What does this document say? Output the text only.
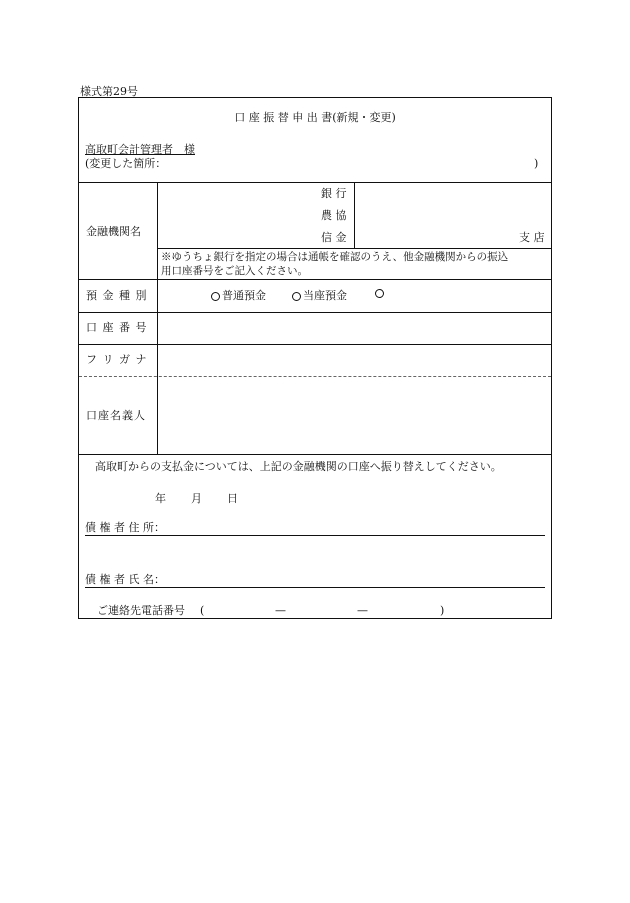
様式第29号
口 座 振 替 申 出 書(新規・変更)
高取町会計管理者　様
(変更した箇所：	)
金融機関名
銀 行
農 協
信 金	支 店
※ゆうちょ銀行を指定の場合は通帳を確認のうえ、他金融機関からの振込
用口座番号をご記入ください。
預 金 種 別	普通預金	当座預金
口 座 番 号
フ リ ガ ナ
口座名義人
高取町からの支払金については、上記の金融機関の口座へ振り替えしてください。
年 月 日
債 権 者 住 所：
債 権 者 氏 名：
ご連絡先電話番号 (	—	—	)
